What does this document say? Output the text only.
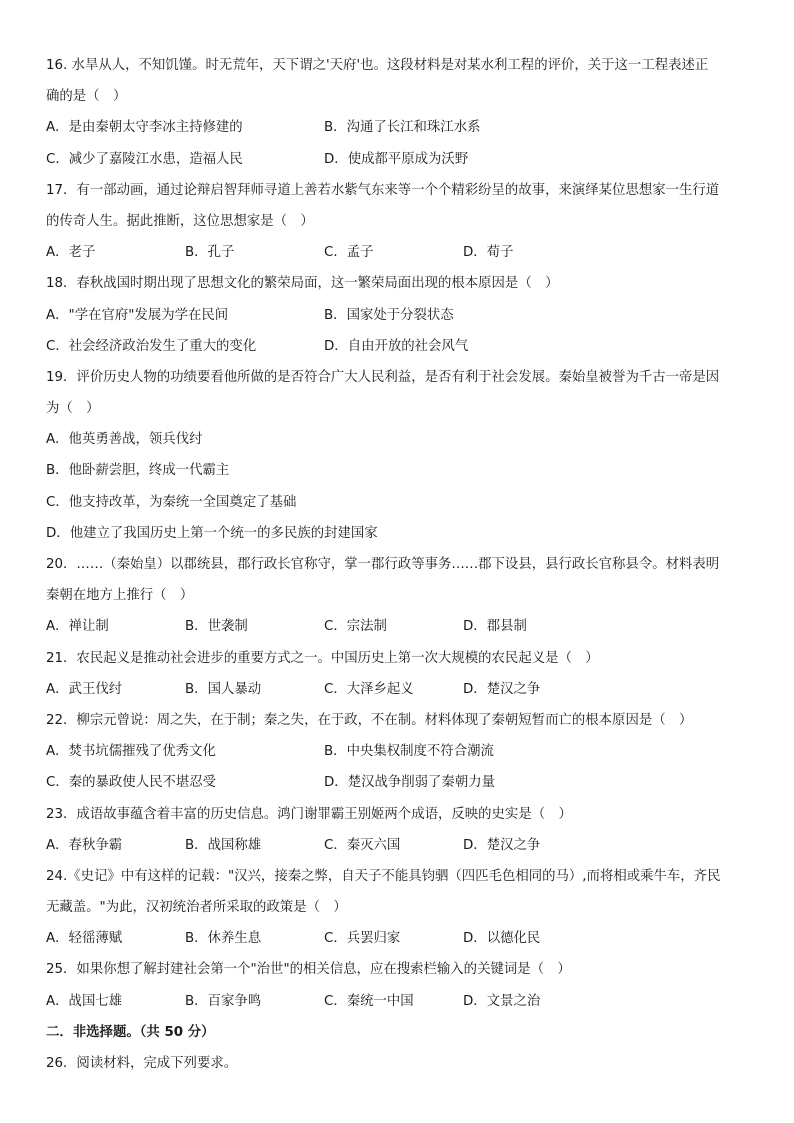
16. 水旱从人，不知饥馑。时无荒年，天下谓之'天府'也。这段材料是对某水利工程的评价，关于这一工程表述正
确的是（　）
A．是由秦朝太守李冰主持修建的	B．沟通了长江和珠江水系
C．减少了嘉陵江水患，造福人民	D．使成都平原成为沃野
17．有一部动画，通过论辩启智拜师寻道上善若水紫气东来等一个个精彩纷呈的故事，来演绎某位思想家一生行道
的传奇人生。据此推断，这位思想家是（　）
A．老子	B．孔子	C．孟子	D．荀子
18．春秋战国时期出现了思想文化的繁荣局面，这一繁荣局面出现的根本原因是（　）
A．"学在官府"发展为学在民间	B．国家处于分裂状态
C．社会经济政治发生了重大的变化	D．自由开放的社会风气
19．评价历史人物的功绩要看他所做的是否符合广大人民利益，是否有利于社会发展。秦始皇被誉为千古一帝是因
为（　）
A．他英勇善战，领兵伐纣
B．他卧薪尝胆，终成一代霸主
C．他支持改革，为秦统一全国奠定了基础
D．他建立了我国历史上第一个统一的多民族的封建国家
20．……（秦始皇）以郡统县，郡行政长官称守，掌一郡行政等事务……郡下设县，县行政长官称县令。材料表明
秦朝在地方上推行（　）
A．禅让制	B．世袭制	C．宗法制	D．郡县制
21．农民起义是推动社会进步的重要方式之一。中国历史上第一次大规模的农民起义是（　）
A．武王伐纣	B．国人暴动	C．大泽乡起义	D．楚汉之争
22．柳宗元曾说：周之失，在于制；秦之失，在于政，不在制。材料体现了秦朝短暂而亡的根本原因是（　）
A．焚书坑儒摧残了优秀文化	B．中央集权制度不符合潮流
C．秦的暴政使人民不堪忍受	D．楚汉战争削弱了秦朝力量
23．成语故事蕴含着丰富的历史信息。鸿门谢罪霸王别姬两个成语，反映的史实是（　）
A．春秋争霸	B．战国称雄	C．秦灭六国	D．楚汉之争
24.《史记》中有这样的记载："汉兴，接秦之弊，自天子不能具钧驷（四匹毛色相同的马）,而将相或乘牛车，齐民
无藏盖。"为此，汉初统治者所采取的政策是（　）
A．轻徭薄赋	B．休养生息	C．兵罢归家	D．以德化民
25．如果你想了解封建社会第一个"治世"的相关信息，应在搜索栏输入的关键词是（　）
A．战国七雄	B．百家争鸣	C．秦统一中国	D．文景之治
二．非选择题。（共 50 分）
26．阅读材料，完成下列要求。
